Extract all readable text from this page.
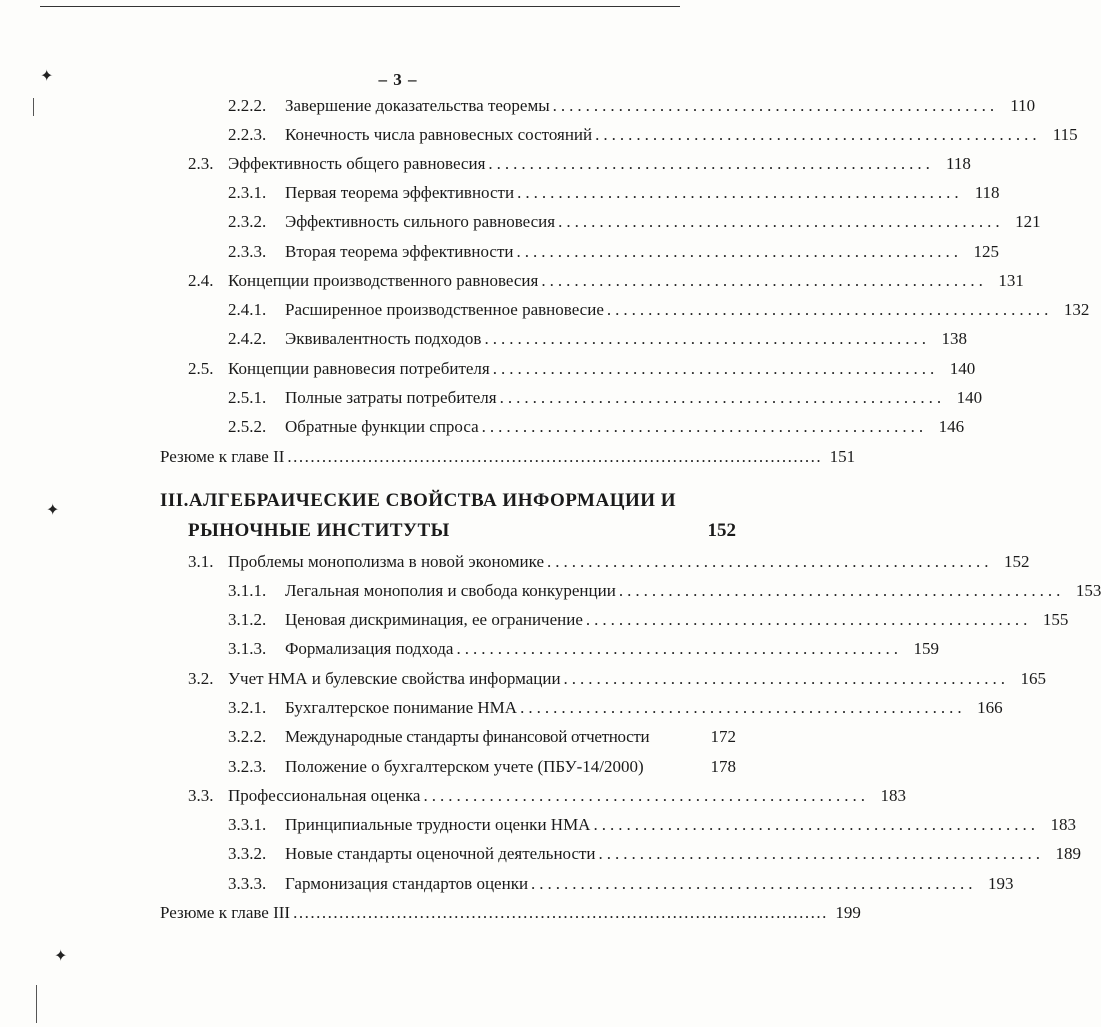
– 3 –
✦
✦
✦
2.2.2.	Завершение доказательства теоремы ...................................................... 110
2.2.3.	Конечность числа равновесных состояний ...................................................... 115
2.3. Эффективность общего равновесия ...................................................... 118
2.3.1.	Первая теорема эффективности ...................................................... 118
2.3.2.	Эффективность сильного равновесия ...................................................... 121
2.3.3.	Вторая теорема эффективности ...................................................... 125
2.4. Концепции производственного равновесия ...................................................... 131
2.4.1.	Расширенное производственное равновесие ...................................................... 132
2.4.2.	Эквивалентность подходов ...................................................... 138
2.5. Концепции равновесия потребителя ...................................................... 140
2.5.1.	Полные затраты потребителя ...................................................... 140
2.5.2.	Обратные функции спроса ...................................................... 146
Резюме к главе II ............................................................................................. 151
III.АЛГЕБРАИЧЕСКИЕ СВОЙСТВА ИНФОРМАЦИИ И
РЫНОЧНЫЕ ИНСТИТУТЫ	152
3.1. Проблемы монополизма в новой экономике ...................................................... 152
3.1.1.	Легальная монополия и свобода конкуренции ...................................................... 153
3.1.2.	Ценовая дискриминация, ее ограничение ...................................................... 155
3.1.3.	Формализация подхода ...................................................... 159
3.2. Учет НМА и булевские свойства информации ...................................................... 165
3.2.1.	Бухгалтерское понимание НМА ...................................................... 166
3.2.2.	Международные стандарты финансовой отчетности	172
3.2.3.	Положение о бухгалтерском учете (ПБУ-14/2000)	178
3.3. Профессиональная оценка ...................................................... 183
3.3.1.	Принципиальные трудности оценки НМА ...................................................... 183
3.3.2.	Новые стандарты оценочной деятельности ...................................................... 189
3.3.3.	Гармонизация стандартов оценки ...................................................... 193
Резюме к главе III ............................................................................................. 199
